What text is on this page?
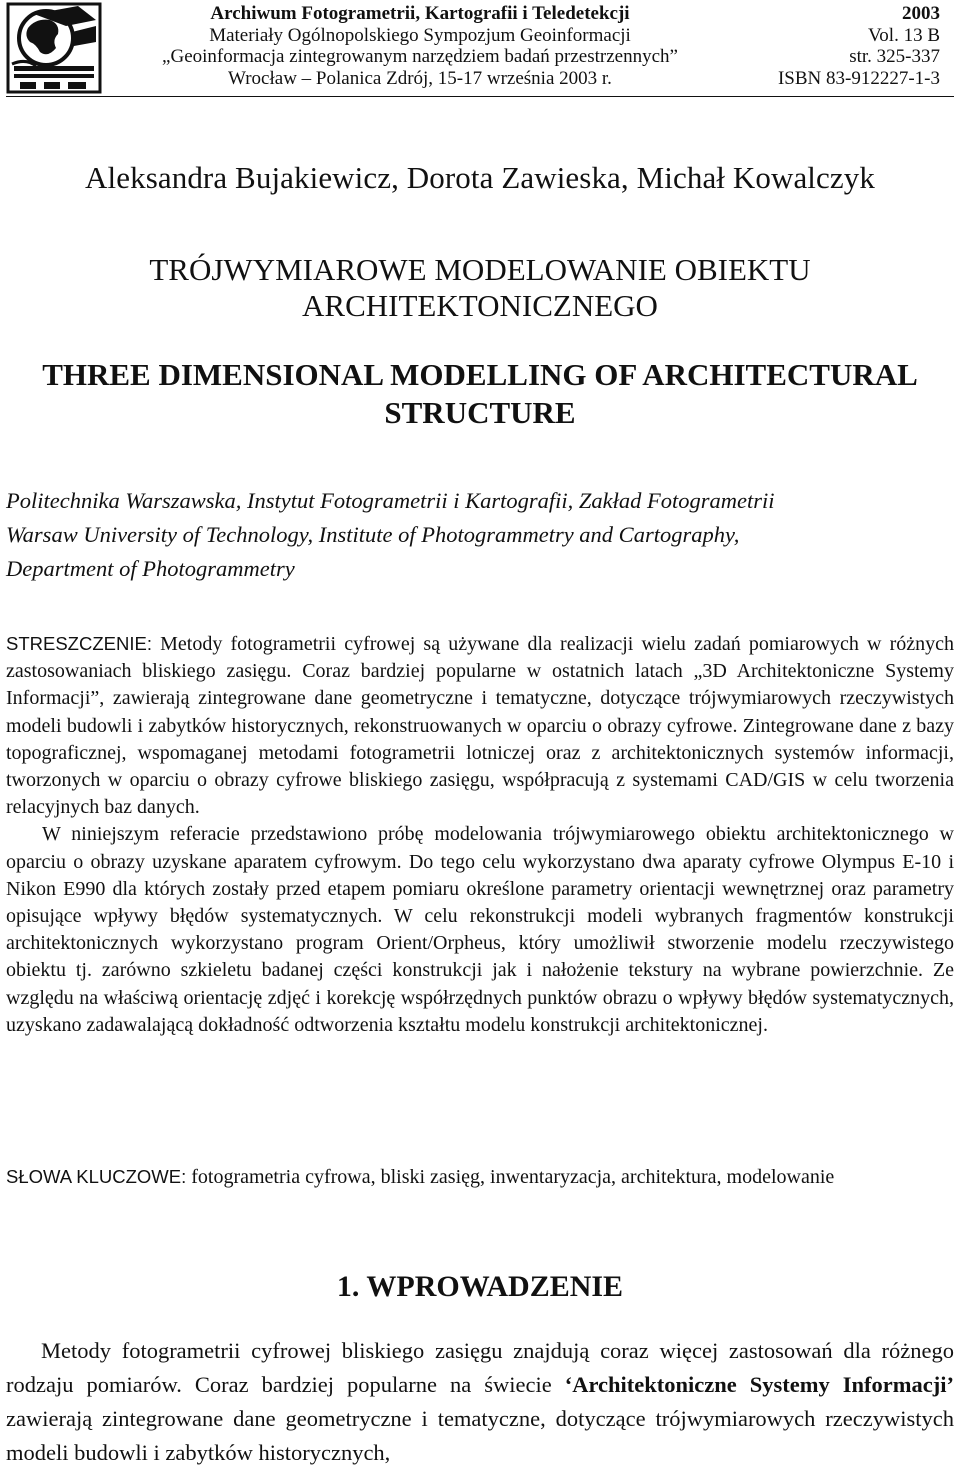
Archiwum Fotogrametrii, Kartografii i Teledetekcji
Materiały Ogólnopolskiego Sympozjum Geoinformacji
„Geoinformacja zintegrowanym narzędziem badań przestrzennych”
Wrocław – Polanica Zdrój, 15-17 września 2003 r.
2003
Vol. 13 B
str. 325-337
ISBN 83-912227-1-3
Aleksandra Bujakiewicz, Dorota Zawieska, Michał Kowalczyk
TRÓJWYMIAROWE MODELOWANIE OBIEKTU
ARCHITEKTONICZNEGO
THREE DIMENSIONAL MODELLING OF ARCHITECTURAL
STRUCTURE
Politechnika Warszawska, Instytut Fotogrametrii i Kartografii, Zakład Fotogrametrii
Warsaw University of Technology, Institute of Photogrammetry and Cartography,
Department of Photogrammetry

STRESZCZENIE: Metody fotogrametrii cyfrowej są używane dla realizacji wielu zadań pomiarowych w różnych zastosowaniach bliskiego zasięgu. Coraz bardziej popularne w ostatnich latach „3D Architektoniczne Systemy Informacji”, zawierają zintegrowane dane geometryczne i tematyczne, dotyczące trójwymiarowych rzeczywistych modeli budowli i zabytków historycznych, rekonstruowanych w oparciu o obrazy cyfrowe. Zintegrowane dane z bazy topograficznej, wspomaganej metodami fotogrametrii lotniczej oraz z architektonicznych systemów informacji, tworzonych w oparciu o obrazy cyfrowe bliskiego zasięgu, współpracują z systemami CAD/GIS w celu tworzenia relacyjnych baz danych.

W niniejszym referacie przedstawiono próbę modelowania trójwymiarowego obiektu architektonicznego w oparciu o obrazy uzyskane aparatem cyfrowym. Do tego celu wykorzystano dwa aparaty cyfrowe Olympus E-10 i Nikon E990 dla których zostały przed etapem pomiaru określone parametry orientacji wewnętrznej oraz parametry opisujące wpływy błędów systematycznych. W celu rekonstrukcji modeli wybranych fragmentów konstrukcji architektonicznych wykorzystano program Orient/Orpheus, który umożliwił stworzenie modelu rzeczywistego obiektu tj. zarówno szkieletu badanej części konstrukcji jak i nałożenie tekstury na wybrane powierzchnie. Ze względu na właściwą orientację zdjęć i korekcję współrzędnych punktów obrazu o wpływy błędów systematycznych, uzyskano zadawalającą dokładność odtworzenia kształtu modelu konstrukcji architektonicznej.

SŁOWA KLUCZOWE: fotogrametria cyfrowa, bliski zasięg, inwentaryzacja, architektura, modelowanie
1. WPROWADZENIE

Metody fotogrametrii cyfrowej bliskiego zasięgu znajdują coraz więcej zastosowań dla różnego rodzaju pomiarów. Coraz bardziej popularne na świecie ‘Architektoniczne Systemy Informacji’ zawierają zintegrowane dane geometryczne i tematyczne, dotyczące trójwymiarowych rzeczywistych modeli budowli i zabytków historycznych,
